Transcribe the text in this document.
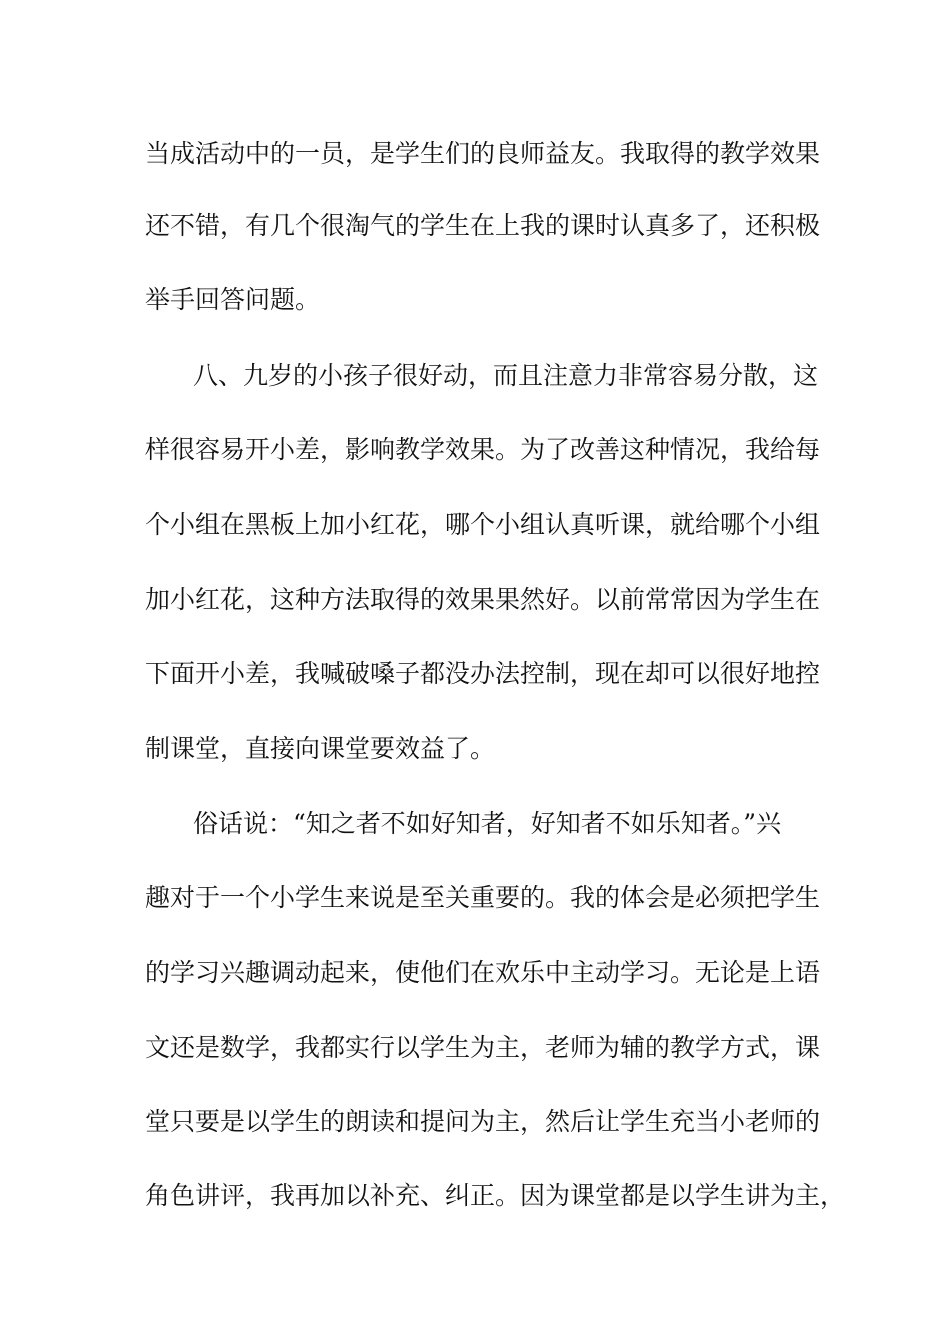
当成活动中的一员，是学生们的良师益友。我取得的教学效果
还不错，有几个很淘气的学生在上我的课时认真多了，还积极
举手回答问题。
八、九岁的小孩子很好动，而且注意力非常容易分散，这
样很容易开小差，影响教学效果。为了改善这种情况，我给每
个小组在黑板上加小红花，哪个小组认真听课，就给哪个小组
加小红花，这种方法取得的效果果然好。以前常常因为学生在
下面开小差，我喊破嗓子都没办法控制，现在却可以很好地控
制课堂，直接向课堂要效益了。
俗话说：“知之者不如好知者，好知者不如乐知者。”兴
趣对于一个小学生来说是至关重要的。我的体会是必须把学生
的学习兴趣调动起来，使他们在欢乐中主动学习。无论是上语
文还是数学，我都实行以学生为主，老师为辅的教学方式，课
堂只要是以学生的朗读和提问为主，然后让学生充当小老师的
角色讲评，我再加以补充、纠正。因为课堂都是以学生讲为主，
